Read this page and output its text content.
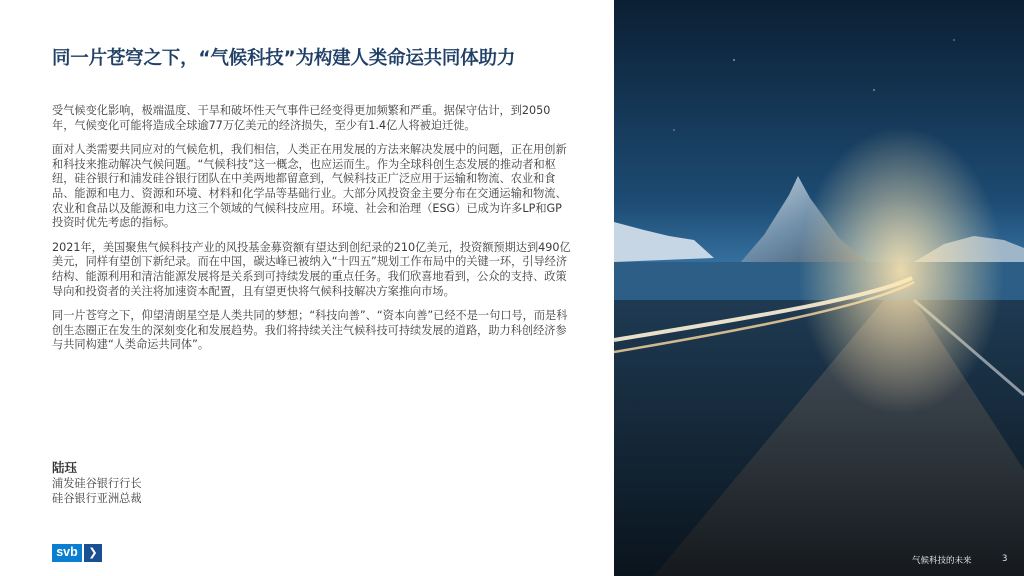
同一片苍穹之下，“气候科技”为构建人类命运共同体助力

受气候变化影响，极端温度、干旱和破坏性天气事件已经变得更加频繁和严重。据保守估计，到2050年，气候变化可能将造成全球逾77万亿美元的经济损失，至少有1.4亿人将被迫迁徙。

面对人类需要共同应对的气候危机，我们相信，人类正在用发展的方法来解决发展中的问题，正在用创新和科技来推动解决气候问题。“气候科技”这一概念，也应运而生。作为全球科创生态发展的推动者和枢纽，硅谷银行和浦发硅谷银行团队在中美两地都留意到，气候科技正广泛应用于运输和物流、农业和食品、能源和电力、资源和环境、材料和化学品等基础行业。大部分风投资金主要分布在交通运输和物流、农业和食品以及能源和电力这三个领域的气候科技应用。环境、社会和治理（ESG）已成为许多LP和GP投资时优先考虑的指标。

2021年，美国聚焦气候科技产业的风投基金募资额有望达到创纪录的210亿美元，投资额预期达到490亿美元，同样有望创下新纪录。而在中国，碳达峰已被纳入“十四五”规划工作布局中的关键一环，引导经济结构、能源利用和清洁能源发展将是关系到可持续发展的重点任务。我们欣喜地看到，公众的支持、政策导向和投资者的关注将加速资本配置，且有望更快将气候科技解决方案推向市场。

同一片苍穹之下，仰望清朗星空是人类共同的梦想；“科技向善”、“资本向善”已经不是一句口号，而是科创生态圈正在发生的深刻变化和发展趋势。我们将持续关注气候科技可持续发展的道路，助力科创经济参与共同构建“人类命运共同体”。

陆珏
浦发硅谷银行行长
硅谷银行亚洲总裁
svb ❯
气候科技的未来	3
